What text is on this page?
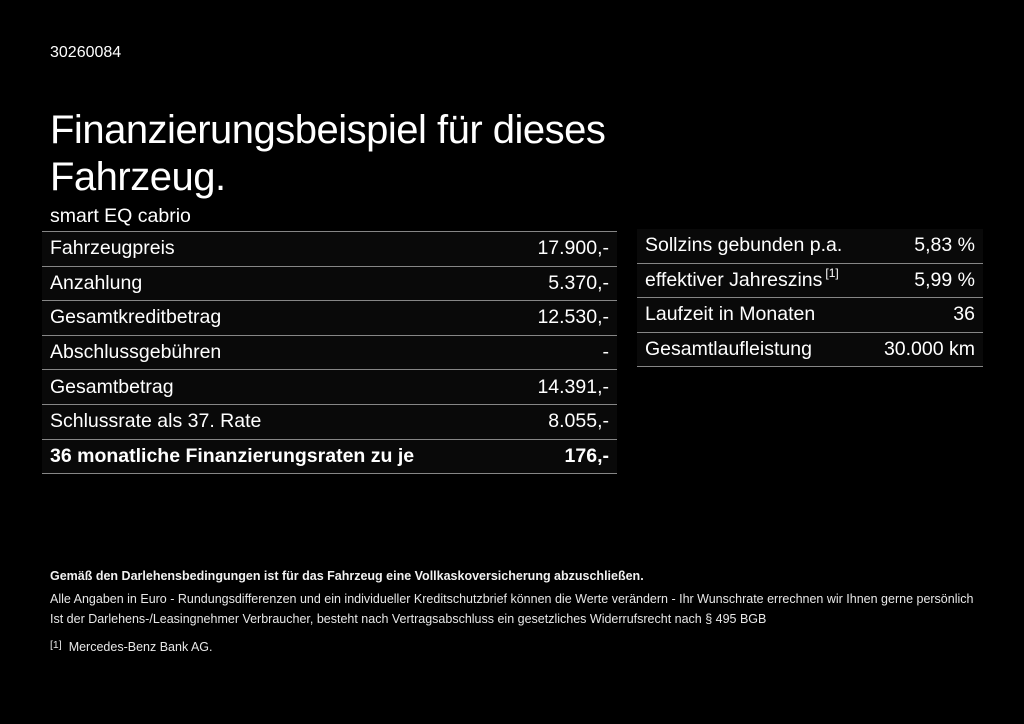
30260084
Finanzierungsbeispiel für dieses
Fahrzeug.
smart EQ cabrio
Fahrzeugpreis	17.900,-
Anzahlung	5.370,-
Gesamtkreditbetrag	12.530,-
Abschlussgebühren	-
Gesamtbetrag	14.391,-
Schlussrate als 37. Rate	8.055,-
36 monatliche Finanzierungsraten zu je	176,-
Sollzins gebunden p.a.	5,83 %
effektiver Jahreszins [1]	5,99 %
Laufzeit in Monaten	36
Gesamtlaufleistung	30.000 km
Gemäß den Darlehensbedingungen ist für das Fahrzeug eine Vollkaskoversicherung abzuschließen.
Alle Angaben in Euro - Rundungsdifferenzen und ein individueller Kreditschutzbrief können die Werte verändern - Ihr Wunschrate errechnen wir Ihnen gerne persönlich
Ist der Darlehens-/Leasingnehmer Verbraucher, besteht nach Vertragsabschluss ein gesetzliches Widerrufsrecht nach § 495 BGB
[1] Mercedes-Benz Bank AG.
